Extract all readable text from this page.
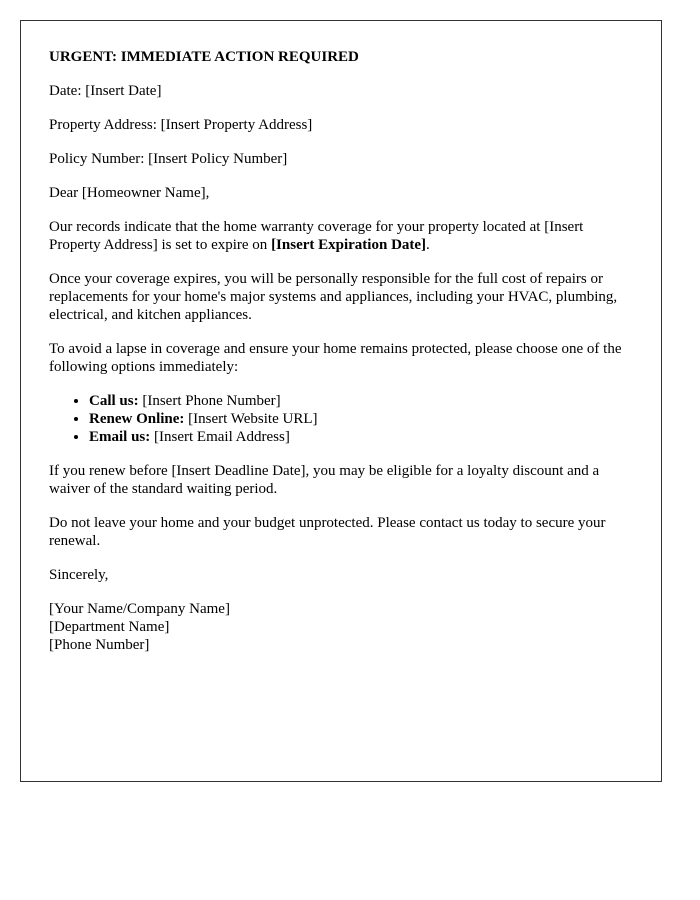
URGENT: IMMEDIATE ACTION REQUIRED

Date: [Insert Date]

Property Address: [Insert Property Address]

Policy Number: [Insert Policy Number]

Dear [Homeowner Name],

Our records indicate that the home warranty coverage for your property located at [Insert Property Address] is set to expire on [Insert Expiration Date].

Once your coverage expires, you will be personally responsible for the full cost of repairs or replacements for your home's major systems and appliances, including your HVAC, plumbing, electrical, and kitchen appliances.

To avoid a lapse in coverage and ensure your home remains protected, please choose one of the following options immediately:

• Call us: [Insert Phone Number]
• Renew Online: [Insert Website URL]
• Email us: [Insert Email Address]

If you renew before [Insert Deadline Date], you may be eligible for a loyalty discount and a waiver of the standard waiting period.

Do not leave your home and your budget unprotected. Please contact us today to secure your renewal.

Sincerely,

[Your Name/Company Name]

[Department Name]

[Phone Number]
